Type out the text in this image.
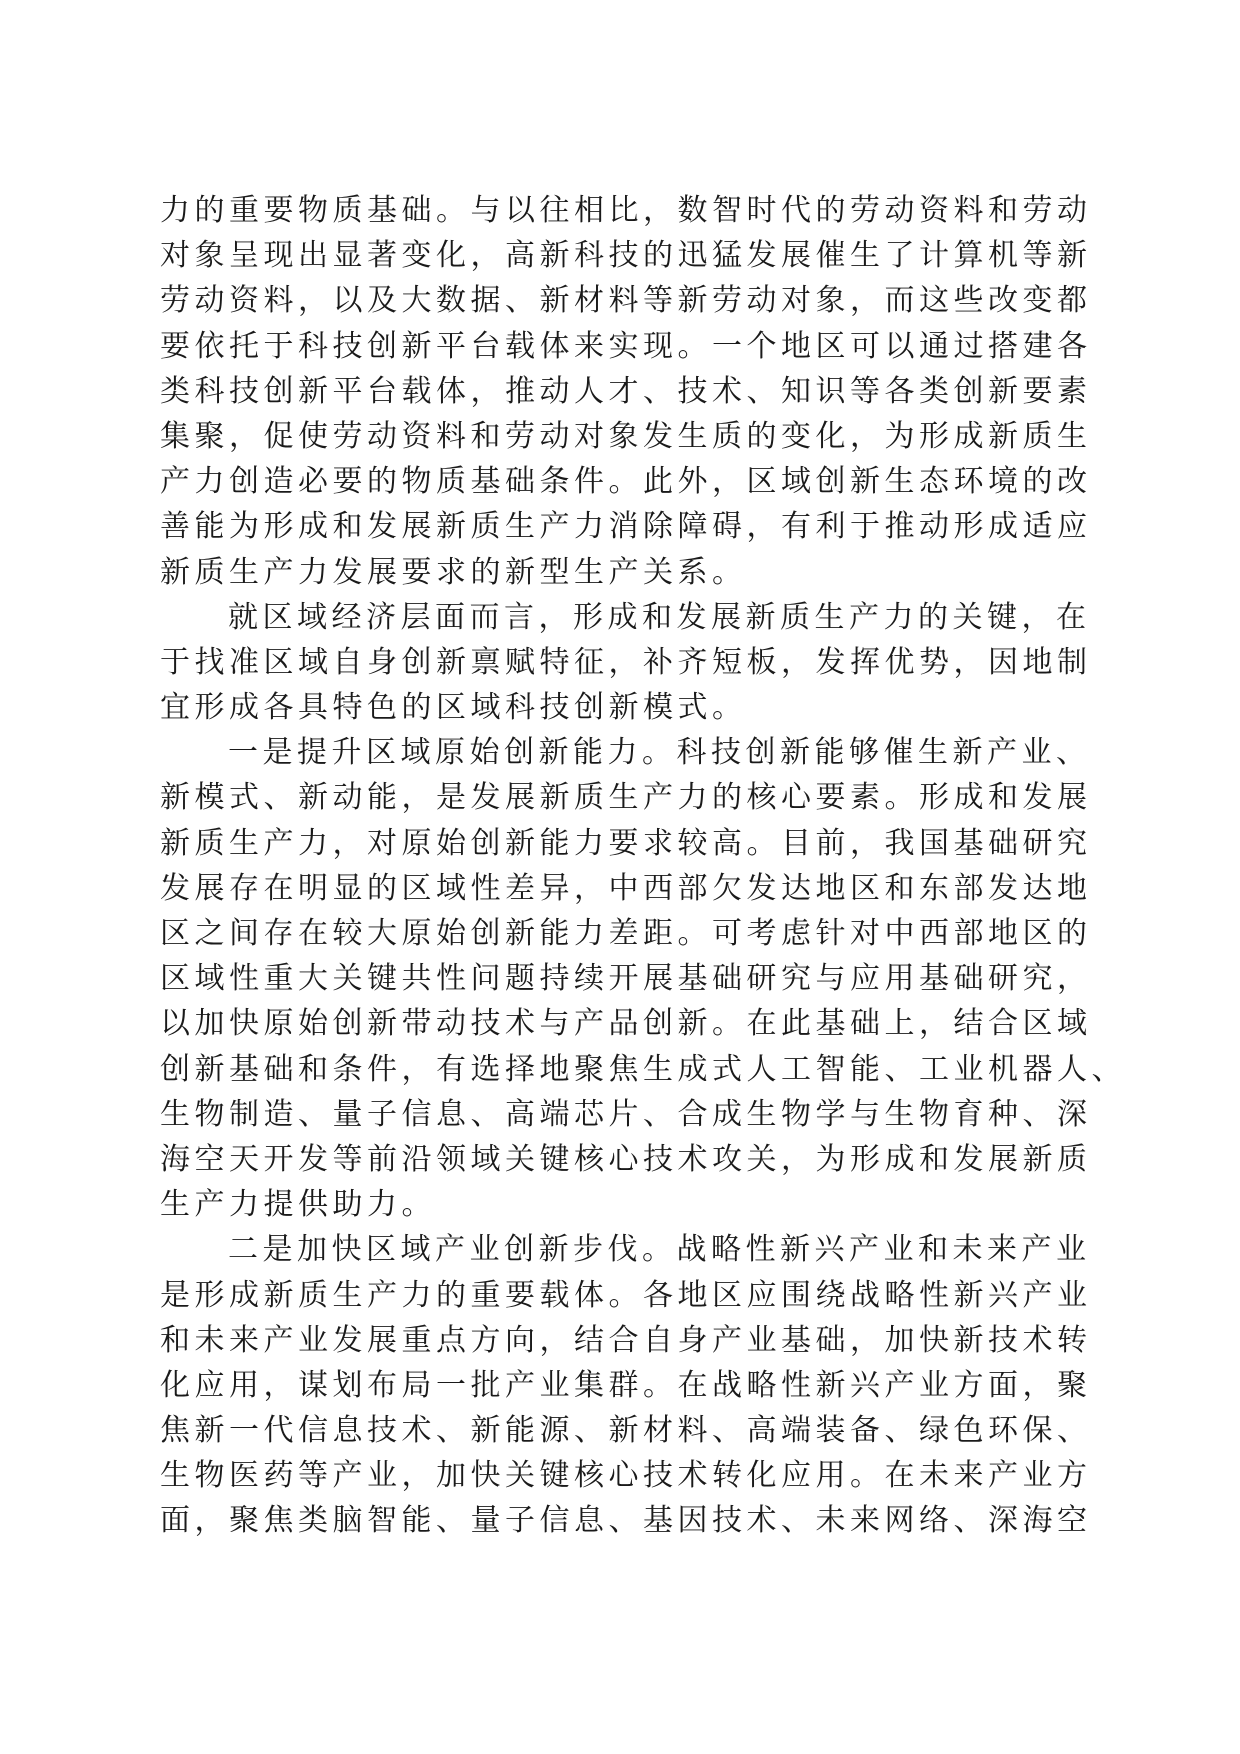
力的重要物质基础。与以往相比，数智时代的劳动资料和劳动
对象呈现出显著变化，高新科技的迅猛发展催生了计算机等新
劳动资料，以及大数据、新材料等新劳动对象，而这些改变都
要依托于科技创新平台载体来实现。一个地区可以通过搭建各
类科技创新平台载体，推动人才、技术、知识等各类创新要素
集聚，促使劳动资料和劳动对象发生质的变化，为形成新质生
产力创造必要的物质基础条件。此外，区域创新生态环境的改
善能为形成和发展新质生产力消除障碍，有利于推动形成适应
新质生产力发展要求的新型生产关系。
就区域经济层面而言，形成和发展新质生产力的关键，在
于找准区域自身创新禀赋特征，补齐短板，发挥优势，因地制
宜形成各具特色的区域科技创新模式。
一是提升区域原始创新能力。科技创新能够催生新产业、
新模式、新动能，是发展新质生产力的核心要素。形成和发展
新质生产力，对原始创新能力要求较高。目前，我国基础研究
发展存在明显的区域性差异，中西部欠发达地区和东部发达地
区之间存在较大原始创新能力差距。可考虑针对中西部地区的
区域性重大关键共性问题持续开展基础研究与应用基础研究，
以加快原始创新带动技术与产品创新。在此基础上，结合区域
创新基础和条件，有选择地聚焦生成式人工智能、工业机器人、
生物制造、量子信息、高端芯片、合成生物学与生物育种、深
海空天开发等前沿领域关键核心技术攻关，为形成和发展新质
生产力提供助力。
二是加快区域产业创新步伐。战略性新兴产业和未来产业
是形成新质生产力的重要载体。各地区应围绕战略性新兴产业
和未来产业发展重点方向，结合自身产业基础，加快新技术转
化应用，谋划布局一批产业集群。在战略性新兴产业方面，聚
焦新一代信息技术、新能源、新材料、高端装备、绿色环保、
生物医药等产业，加快关键核心技术转化应用。在未来产业方
面，聚焦类脑智能、量子信息、基因技术、未来网络、深海空
